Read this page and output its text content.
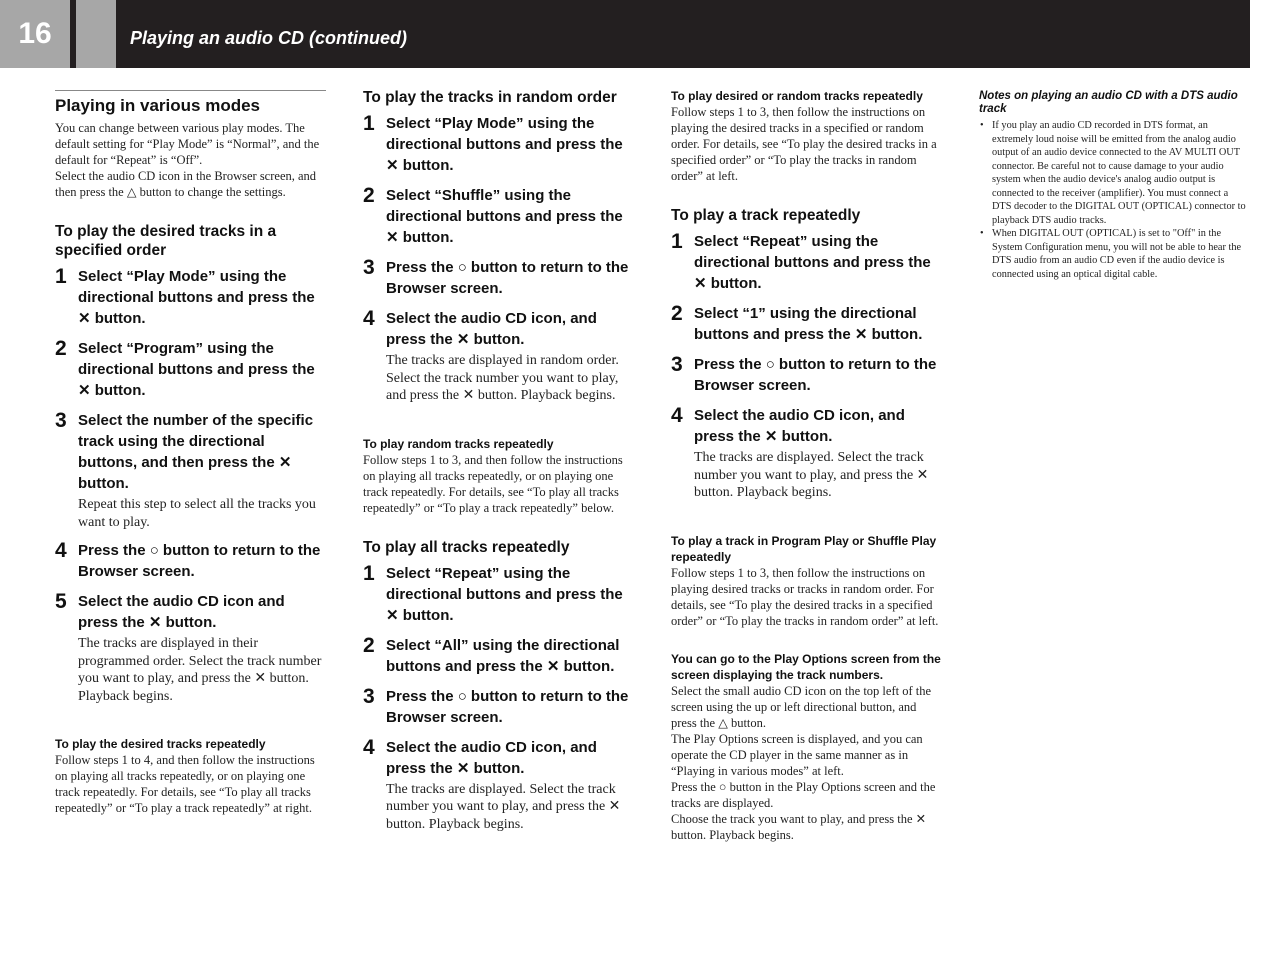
16	Playing an audio CD (continued)
Playing in various modes

You can change between various play modes. The default setting for “Play Mode” is “Normal”, and the default for “Repeat” is “Off”.

Select the audio CD icon in the Browser screen, and then press the △ button to change the settings.

To play the desired tracks in a specified order
1 Select “Play Mode” using the directional buttons and press the ✕ button.
2 Select “Program” using the directional buttons and press the ✕ button.
3 Select the number of the specific track using the directional buttons, and then press the ✕ button.
Repeat this step to select all the tracks you want to play.
4 Press the ○ button to return to the Browser screen.
5 Select the audio CD icon and press the ✕ button.
The tracks are displayed in their programmed order. Select the track number you want to play, and press the ✕ button. Playback begins.
To play the desired tracks repeatedly

Follow steps 1 to 4, and then follow the instructions on playing all tracks repeatedly, or on playing one track repeatedly. For details, see “To play all tracks repeatedly” or “To play a track repeatedly” at right.

To play the tracks in random order
1 Select “Play Mode” using the directional buttons and press the ✕ button.
2 Select “Shuffle” using the directional buttons and press the ✕ button.
3 Press the ○ button to return to the Browser screen.
4 Select the audio CD icon, and press the ✕ button.
The tracks are displayed in random order. Select the track number you want to play, and press the ✕ button. Playback begins.
To play random tracks repeatedly

Follow steps 1 to 3, and then follow the instructions on playing all tracks repeatedly, or on playing one track repeatedly. For details, see “To play all tracks repeatedly” or “To play a track repeatedly” below.

To play all tracks repeatedly
1 Select “Repeat” using the directional buttons and press the ✕ button.
2 Select “All” using the directional buttons and press the ✕ button.
3 Press the ○ button to return to the Browser screen.
4 Select the audio CD icon, and press the ✕ button.
The tracks are displayed. Select the track number you want to play, and press the ✕ button. Playback begins.
To play desired or random tracks repeatedly

Follow steps 1 to 3, then follow the instructions on playing the desired tracks in a specified or random order. For details, see “To play the desired tracks in a specified order” or “To play the tracks in random order” at left.

To play a track repeatedly
1 Select “Repeat” using the directional buttons and press the ✕ button.
2 Select “1” using the directional buttons and press the ✕ button.
3 Press the ○ button to return to the Browser screen.
4 Select the audio CD icon, and press the ✕ button.
The tracks are displayed. Select the track number you want to play, and press the ✕ button. Playback begins.
To play a track in Program Play or Shuffle Play repeatedly

Follow steps 1 to 3, then follow the instructions on playing desired tracks or tracks in random order. For details, see “To play the desired tracks in a specified order” or “To play the tracks in random order” at left.

You can go to the Play Options screen from the screen displaying the track numbers.

Select the small audio CD icon on the top left of the screen using the up or left directional button, and press the △ button.

The Play Options screen is displayed, and you can operate the CD player in the same manner as in “Playing in various modes” at left.

Press the ○ button in the Play Options screen and the tracks are displayed.

Choose the track you want to play, and press the ✕ button. Playback begins.

Notes on playing an audio CD with a DTS audio track
• If you play an audio CD recorded in DTS format, an extremely loud noise will be emitted from the analog audio output of an audio device connected to the AV MULTI OUT connector. Be careful not to cause damage to your audio system when the audio device's analog audio output is connected to the receiver (amplifier). You must connect a DTS decoder to the DIGITAL OUT (OPTICAL) connector to playback DTS audio tracks.
• When DIGITAL OUT (OPTICAL) is set to "Off" in the System Configuration menu, you will not be able to hear the DTS audio from an audio CD even if the audio device is connected using an optical digital cable.
